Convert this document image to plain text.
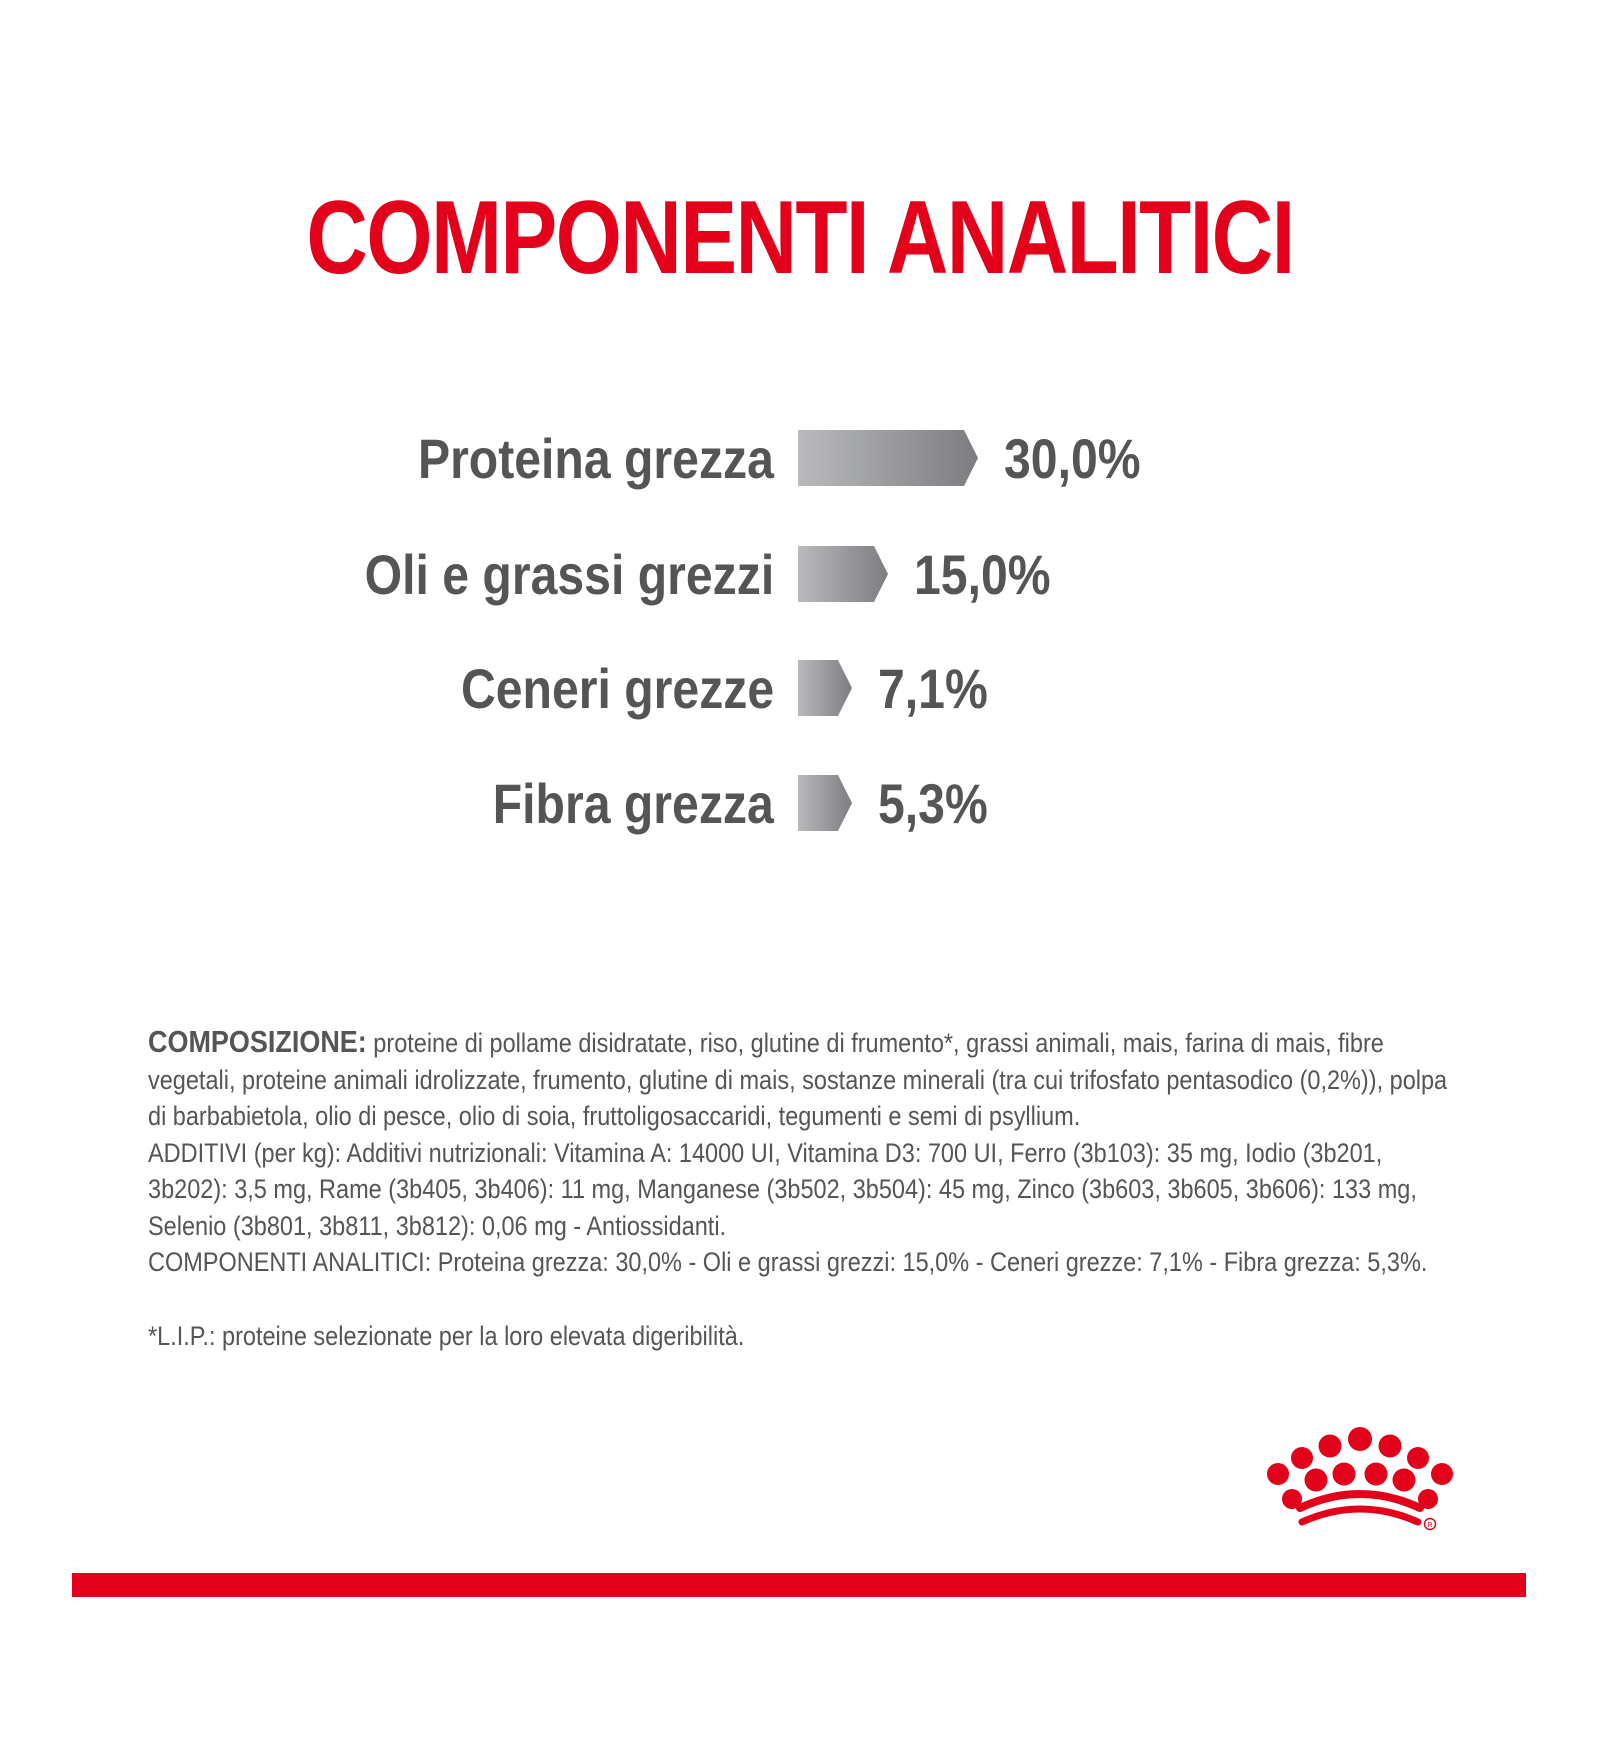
COMPONENTI ANALITICI
Proteina grezza	30,0%
Oli e grassi grezzi	15,0%
Ceneri grezze 7,1%
Fibra grezza 5,3%

COMPOSIZIONE: proteine di pollame disidratate, riso, glutine di frumento*, grassi animali, mais, farina di mais, fibre vegetali, proteine animali idrolizzate, frumento, glutine di mais, sostanze minerali (tra cui trifosfato pentasodico (0,2%)), polpa di barbabietola, olio di pesce, olio di soia, fruttoligosaccaridi, tegumenti e semi di psyllium.

ADDITIVI (per kg): Additivi nutrizionali: Vitamina A: 14000 UI, Vitamina D3: 700 UI, Ferro (3b103): 35 mg, Iodio (3b201, 3b202): 3,5 mg, Rame (3b405, 3b406): 11 mg, Manganese (3b502, 3b504): 45 mg, Zinco (3b603, 3b605, 3b606): 133 mg, Selenio (3b801, 3b811, 3b812): 0,06 mg - Antiossidanti.

COMPONENTI ANALITICI: Proteina grezza: 30,0% - Oli e grassi grezzi: 15,0% - Ceneri grezze: 7,1% - Fibra grezza: 5,3%.

*L.I.P.: proteine selezionate per la loro elevata digeribilità.
R
